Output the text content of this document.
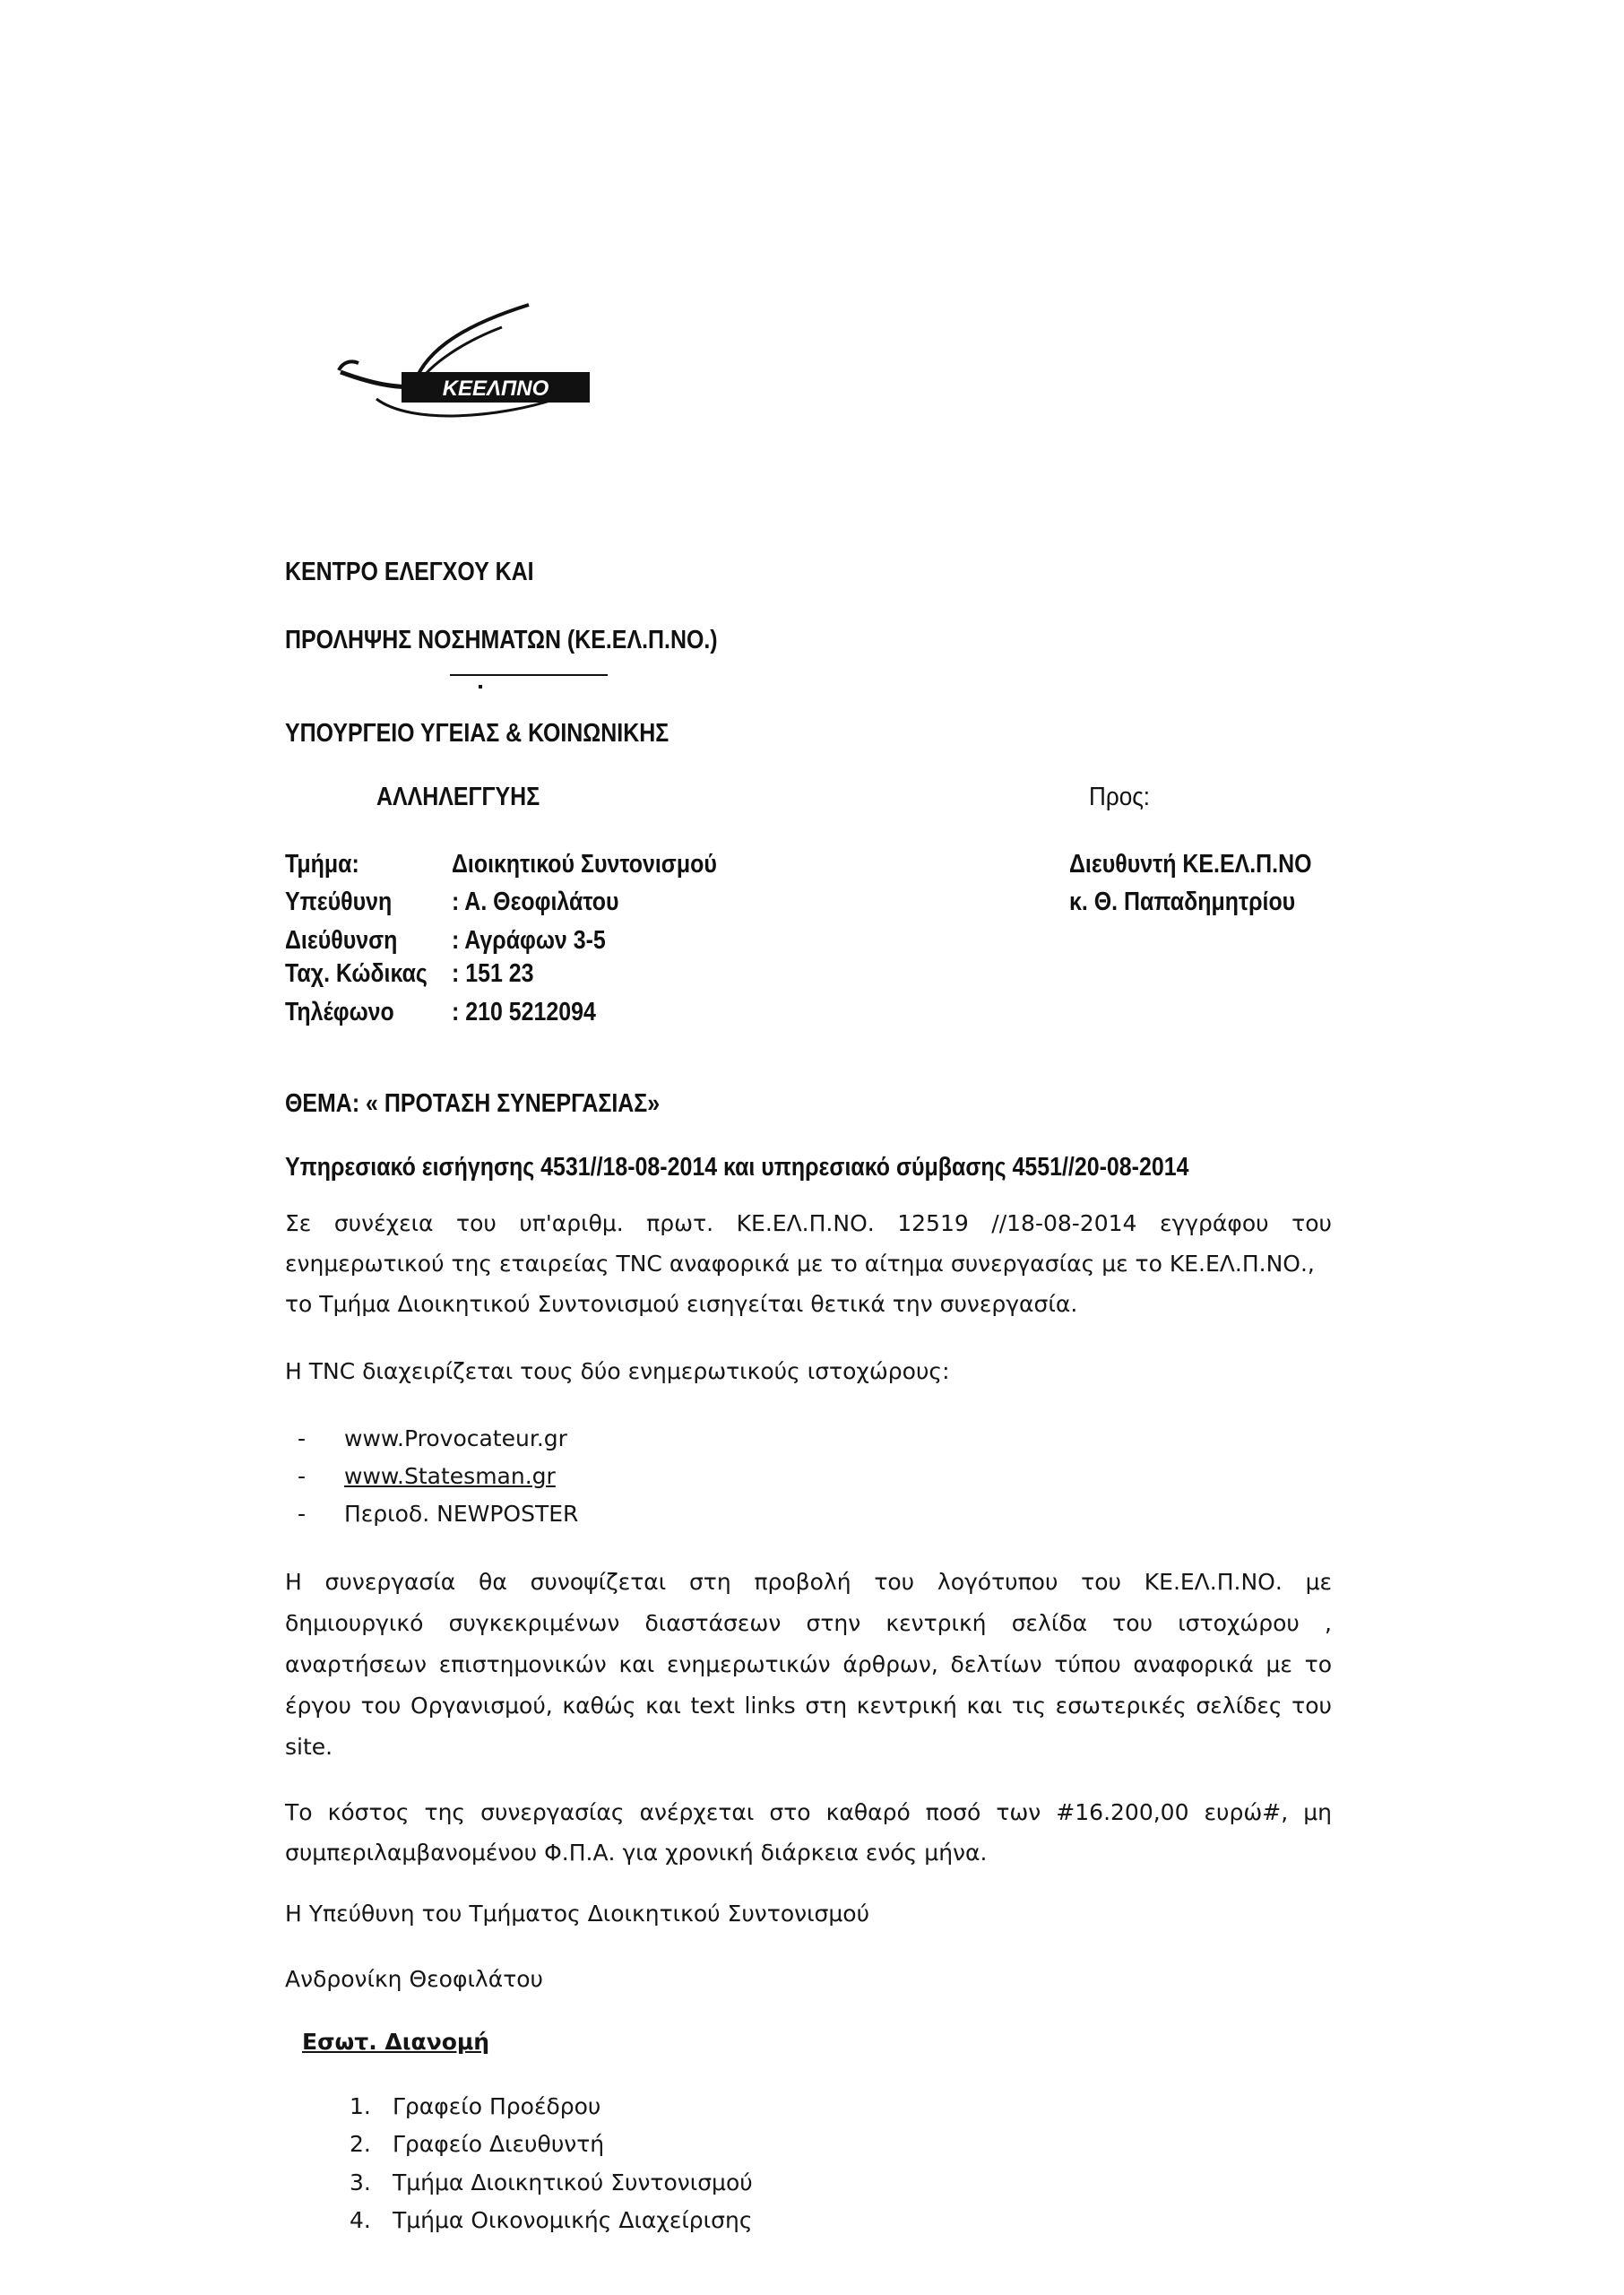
ΚΕΕΛΠΝΟ
ΚΕΝΤΡΟ ΕΛΕΓΧΟΥ ΚΑΙ
ΠΡΟΛΗΨΗΣ ΝΟΣΗΜΑΤΩΝ (ΚΕ.ΕΛ.Π.ΝΟ.)
ΥΠΟΥΡΓΕΙΟ ΥΓΕΙΑΣ & ΚΟΙΝΩΝΙΚΗΣ
ΑΛΛΗΛΕΓΓΥΗΣ	Προς:
Διευθυντή ΚΕ.ΕΛ.Π.ΝΟ
κ. Θ. Παπαδημητρίου
Τμήμα:	Διοικητικού Συντονισμού
Υπεύθυνη : Α. Θεοφιλάτου
Διεύθυνση : Αγράφων 3-5
Ταχ. Κώδικας : 151 23
Τηλέφωνο : 210 5212094
ΘΕΜΑ: « ΠΡΟΤΑΣΗ ΣΥΝΕΡΓΑΣΙΑΣ»
Υπηρεσιακό εισήγησης 4531//18-08-2014 και υπηρεσιακό σύμβασης 4551//20-08-2014
Σε συνέχεια του υπ'αριθμ. πρωτ. ΚΕ.ΕΛ.Π.ΝΟ. 12519 //18-08-2014 εγγράφου του
ενημερωτικού της εταιρείας TNC αναφορικά με το αίτημα συνεργασίας με το ΚΕ.ΕΛ.Π.ΝΟ.,
το Τμήμα Διοικητικού Συντονισμού εισηγείται θετικά την συνεργασία.
Η TNC διαχειρίζεται τους δύο ενημερωτικούς ιστοχώρους:
- www.Provocateur.gr
- www.Statesman.gr
- Περιοδ. NEWPOSTER
Η συνεργασία θα συνοψίζεται στη προβολή του λογότυπου του ΚΕ.ΕΛ.Π.ΝΟ. με
δημιουργικό συγκεκριμένων διαστάσεων στην κεντρική σελίδα του ιστοχώρου ,
αναρτήσεων επιστημονικών και ενημερωτικών άρθρων, δελτίων τύπου αναφορικά με το
έργου του Οργανισμού, καθώς και text links στη κεντρική και τις εσωτερικές σελίδες του
site.
Το κόστος της συνεργασίας ανέρχεται στο καθαρό ποσό των #16.200,00 ευρώ#, μη
συμπεριλαμβανομένου Φ.Π.Α. για χρονική διάρκεια ενός μήνα.
Η Υπεύθυνη του Τμήματος Διοικητικού Συντονισμού
Ανδρονίκη Θεοφιλάτου
Εσωτ. Διανομή
1. Γραφείο Προέδρου
2. Γραφείο Διευθυντή
3. Τμήμα Διοικητικού Συντονισμού
4. Τμήμα Οικονομικής Διαχείρισης
